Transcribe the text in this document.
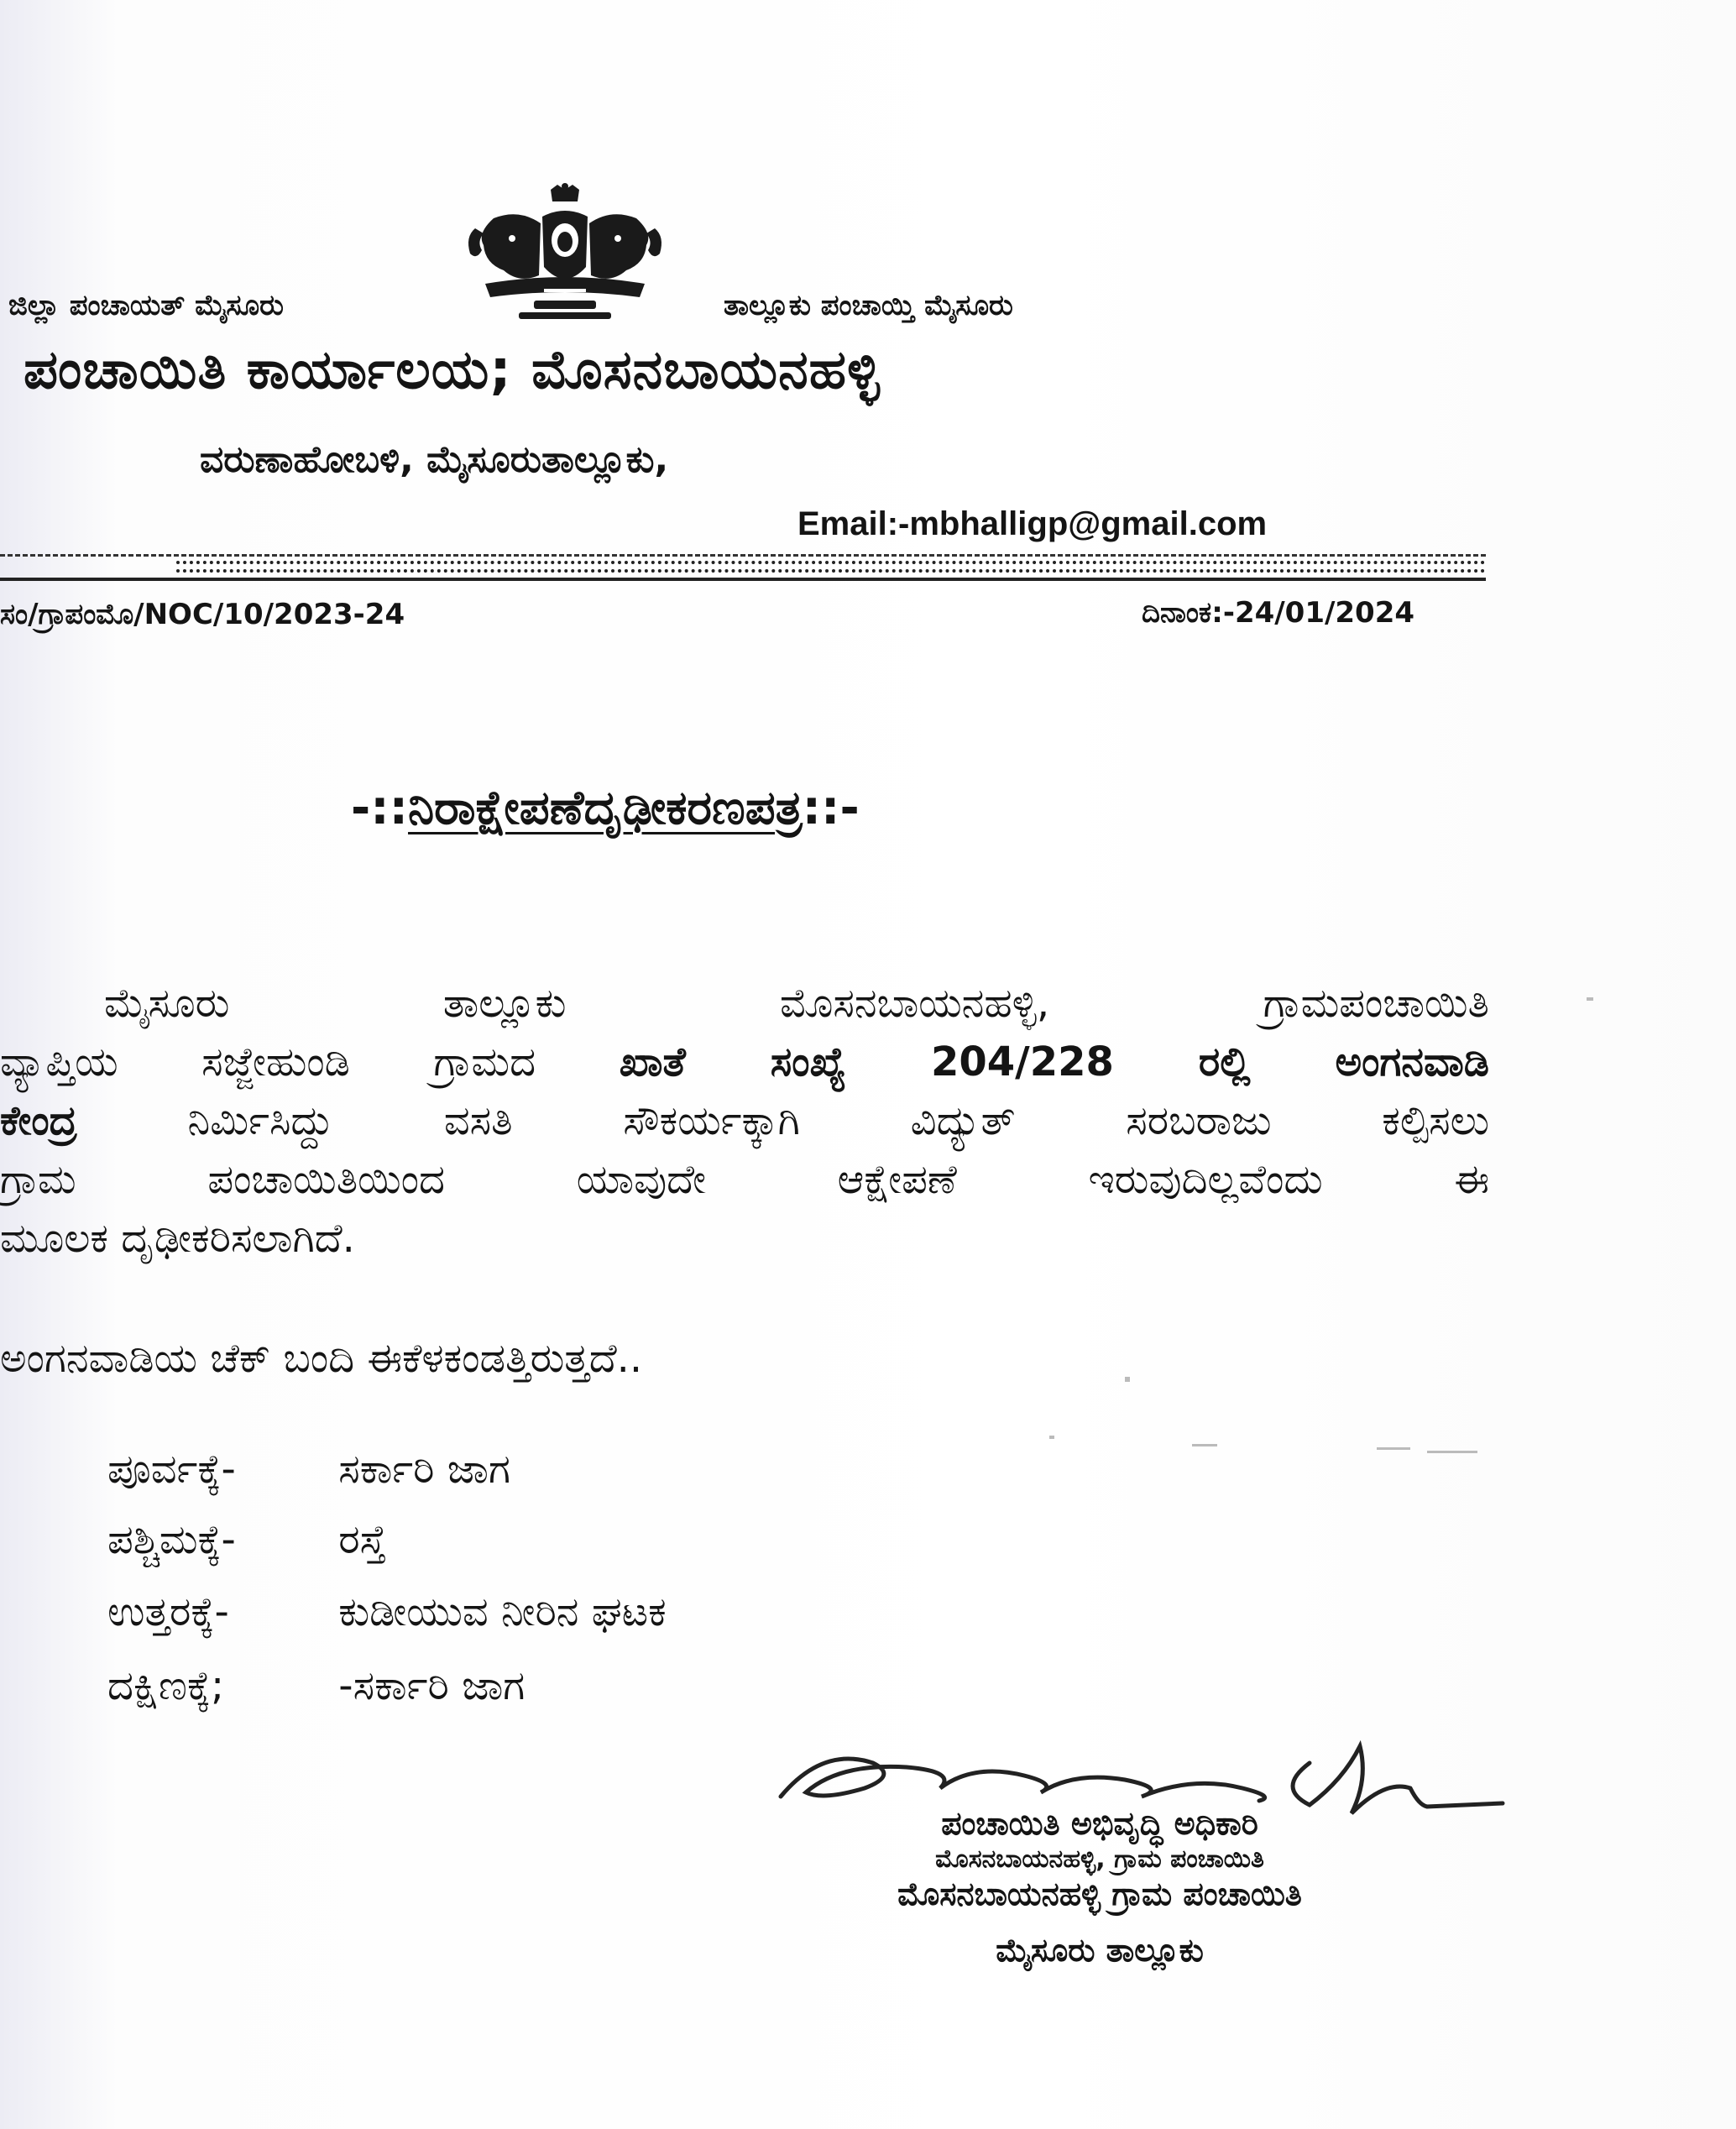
ಜಿಲ್ಲಾ ಪಂಚಾಯತ್ ಮೈಸೂರು	ತಾಲ್ಲೂಕು ಪಂಚಾಯ್ತಿ ಮೈಸೂರು
ಪಂಚಾಯಿತಿ ಕಾರ್ಯಾಲಯ; ಮೊಸನಬಾಯನಹಳ್ಳಿ
ವರುಣಾಹೋಬಳಿ, ಮೈಸೂರುತಾಲ್ಲೂಕು,
Email:-mbhalligp@gmail.com
ಸಂ/ಗ್ರಾಪಂಮೊ/NOC/10/2023-24	ದಿನಾಂಕ:-24/01/2024
-::ನಿರಾಕ್ಷೇಪಣೆದೃಢೀಕರಣಪತ್ರ::-
ಮೈಸೂರು ತಾಲ್ಲೂಕು ಮೊಸನಬಾಯನಹಳ್ಳಿ, ಗ್ರಾಮಪಂಚಾಯಿತಿ
ವ್ಯಾಪ್ತಿಯ ಸಜ್ಜೇಹುಂಡಿ ಗ್ರಾಮದ ಖಾತೆ ಸಂಖ್ಯೆ 204/228 ರಲ್ಲಿ ಅಂಗನವಾಡಿ
ಕೇಂದ್ರ	ನಿರ್ಮಿಸಿದ್ದು ವಸತಿ ಸೌಕರ್ಯಕ್ಕಾಗಿ ವಿದ್ಯುತ್ ಸರಬರಾಜು ಕಲ್ಪಿಸಲು
ಗ್ರಾಮ ಪಂಚಾಯಿತಿಯಿಂದ ಯಾವುದೇ ಆಕ್ಷೇಪಣೆ ಇರುವುದಿಲ್ಲವೆಂದು ಈ
ಮೂಲಕ ದೃಢೀಕರಿಸಲಾಗಿದೆ.
ಅಂಗನವಾಡಿಯ ಚೆಕ್ ಬಂದಿ ಈಕೆಳಕಂಡತ್ತಿರುತ್ತದೆ..
ಪೂರ್ವಕ್ಕೆ-	ಸರ್ಕಾರಿ ಜಾಗ
ಪಶ್ಚಿಮಕ್ಕೆ-	ರಸ್ತೆ
ಉತ್ತರಕ್ಕೆ-	ಕುಡೀಯುವ ನೀರಿನ ಘಟಕ
ದಕ್ಷಿಣಕ್ಕೆ;	-ಸರ್ಕಾರಿ ಜಾಗ
ಪಂಚಾಯಿತಿ ಅಭಿವೃದ್ಧಿ ಅಧಿಕಾರಿ
ಮೊಸನಬಾಯನಹಳ್ಳಿ, ಗ್ರಾಮ ಪಂಚಾಯಿತಿ
ಮೊಸನಬಾಯನಹಳ್ಳಿ ಗ್ರಾಮ ಪಂಚಾಯಿತಿ
ಮೈಸೂರು ತಾಲ್ಲೂಕು
